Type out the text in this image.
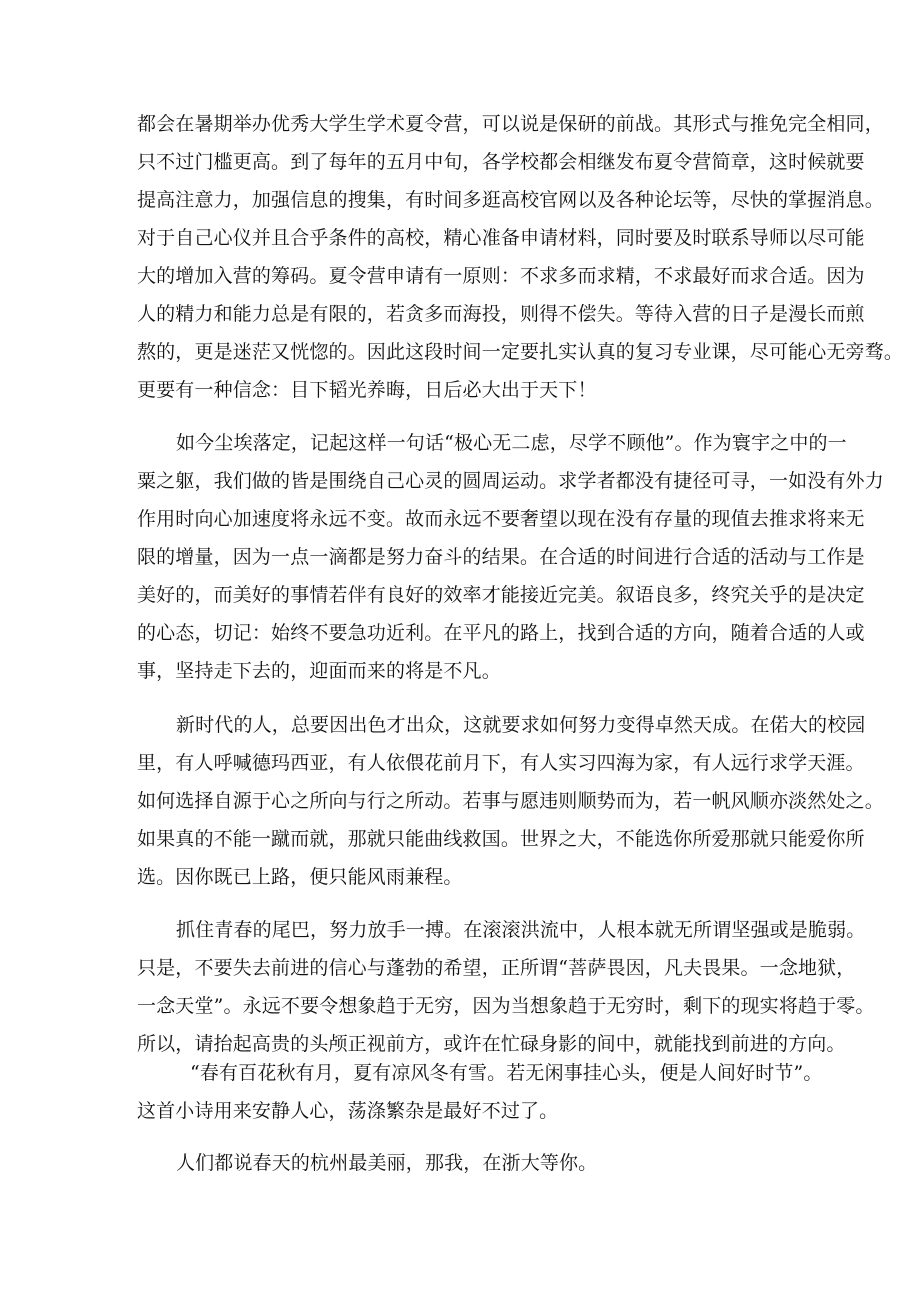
都会在暑期举办优秀大学生学术夏令营，可以说是保研的前战。其形式与推免完全相同，

只不过门槛更高。到了每年的五月中旬，各学校都会相继发布夏令营简章，这时候就要

提高注意力，加强信息的搜集，有时间多逛高校官网以及各种论坛等，尽快的掌握消息。

对于自己心仪并且合乎条件的高校，精心准备申请材料，同时要及时联系导师以尽可能

大的增加入营的筹码。夏令营申请有一原则：不求多而求精，不求最好而求合适。因为

人的精力和能力总是有限的，若贪多而海投，则得不偿失。等待入营的日子是漫长而煎

熬的，更是迷茫又恍惚的。因此这段时间一定要扎实认真的复习专业课，尽可能心无旁骛。

更要有一种信念：目下韬光养晦，日后必大出于天下！

如今尘埃落定，记起这样一句话“极心无二虑，尽学不顾他”。作为寰宇之中的一

粟之躯，我们做的皆是围绕自己心灵的圆周运动。求学者都没有捷径可寻，一如没有外力

作用时向心加速度将永远不变。故而永远不要奢望以现在没有存量的现值去推求将来无

限的增量，因为一点一滴都是努力奋斗的结果。在合适的时间进行合适的活动与工作是

美好的，而美好的事情若伴有良好的效率才能接近完美。叙语良多，终究关乎的是决定

的心态，切记：始终不要急功近利。在平凡的路上，找到合适的方向，随着合适的人或

事，坚持走下去的，迎面而来的将是不凡。

新时代的人，总要因出色才出众，这就要求如何努力变得卓然天成。在偌大的校园

里，有人呼喊德玛西亚，有人依偎花前月下，有人实习四海为家，有人远行求学天涯。

如何选择自源于心之所向与行之所动。若事与愿违则顺势而为，若一帆风顺亦淡然处之。

如果真的不能一蹴而就，那就只能曲线救国。世界之大，不能选你所爱那就只能爱你所

选。因你既已上路，便只能风雨兼程。

抓住青春的尾巴，努力放手一搏。在滚滚洪流中，人根本就无所谓坚强或是脆弱。

只是，不要失去前进的信心与蓬勃的希望，正所谓“菩萨畏因，凡夫畏果。一念地狱，

一念天堂”。永远不要令想象趋于无穷，因为当想象趋于无穷时，剩下的现实将趋于零。

所以，请抬起高贵的头颅正视前方，或许在忙碌身影的间中，就能找到前进的方向。

“春有百花秋有月，夏有凉风冬有雪。若无闲事挂心头，便是人间好时节”。

这首小诗用来安静人心，荡涤繁杂是最好不过了。

人们都说春天的杭州最美丽，那我，在浙大等你。
